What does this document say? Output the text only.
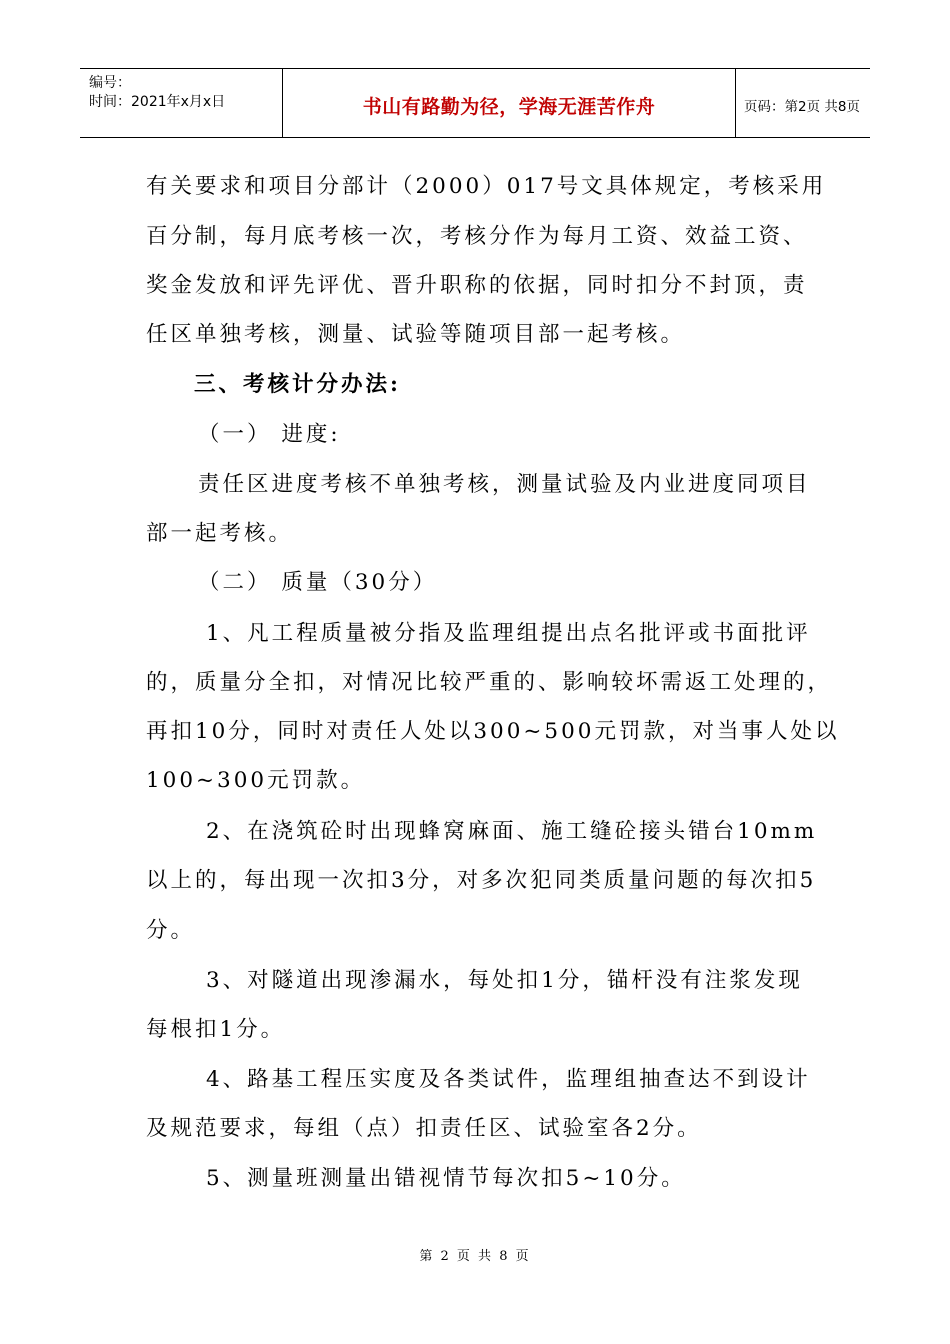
编号：
时间：2021年x月x日	书山有路勤为径，学海无涯苦作舟	页码：第2页 共8页
有关要求和项目分部计（2000）017号文具体规定，考核采用
百分制，每月底考核一次，考核分作为每月工资、效益工资、
奖金发放和评先评优、晋升职称的依据，同时扣分不封顶，责
任区单独考核，测量、试验等随项目部一起考核。
三、考核计分办法:
（一） 进度:
责任区进度考核不单独考核，测量试验及内业进度同项目
部一起考核。
（二） 质量（30分）
1、凡工程质量被分指及监理组提出点名批评或书面批评
的，质量分全扣，对情况比较严重的、影响较坏需返工处理的，
再扣10分，同时对责任人处以300~500元罚款，对当事人处以
100~300元罚款。
2、在浇筑砼时出现蜂窝麻面、施工缝砼接头错台10mm
以上的，每出现一次扣3分，对多次犯同类质量问题的每次扣5
分。
3、对隧道出现渗漏水，每处扣1分，锚杆没有注浆发现
每根扣1分。
4、路基工程压实度及各类试件，监理组抽查达不到设计
及规范要求，每组（点）扣责任区、试验室各2分。
5、测量班测量出错视情节每次扣5~10分。
第 2 页 共 8 页
